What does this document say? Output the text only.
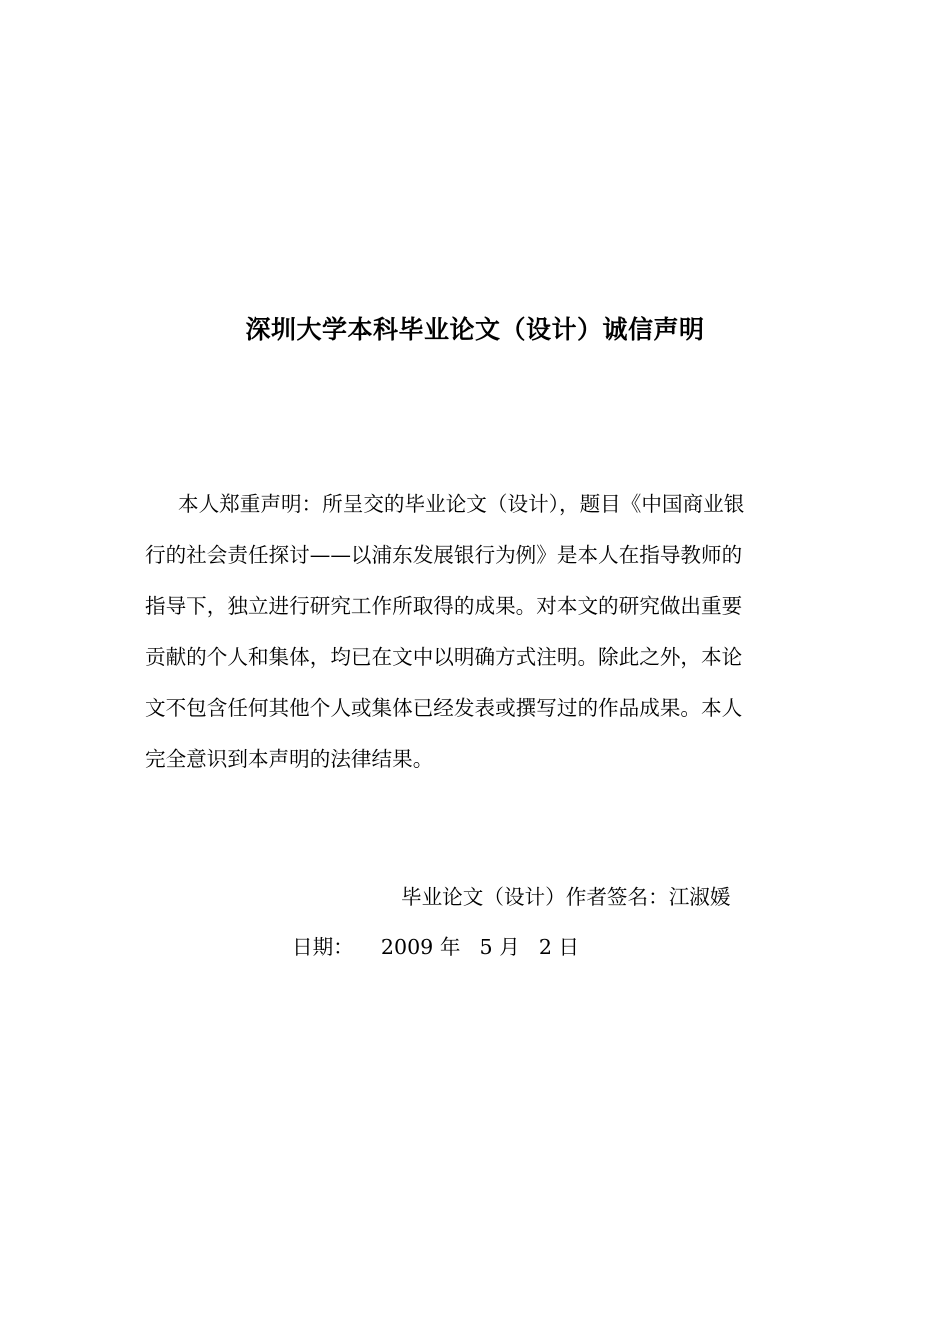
深圳大学本科毕业论文（设计）诚信声明
本人郑重声明：所呈交的毕业论文（设计），题目《中国商业银
行的社会责任探讨——以浦东发展银行为例》是本人在指导教师的
指导下，独立进行研究工作所取得的成果。对本文的研究做出重要
贡献的个人和集体，均已在文中以明确方式注明。除此之外，本论
文不包含任何其他个人或集体已经发表或撰写过的作品成果。本人
完全意识到本声明的法律结果。
毕业论文（设计）作者签名：江淑媛
日期： 2009 年 5 月 2 日
